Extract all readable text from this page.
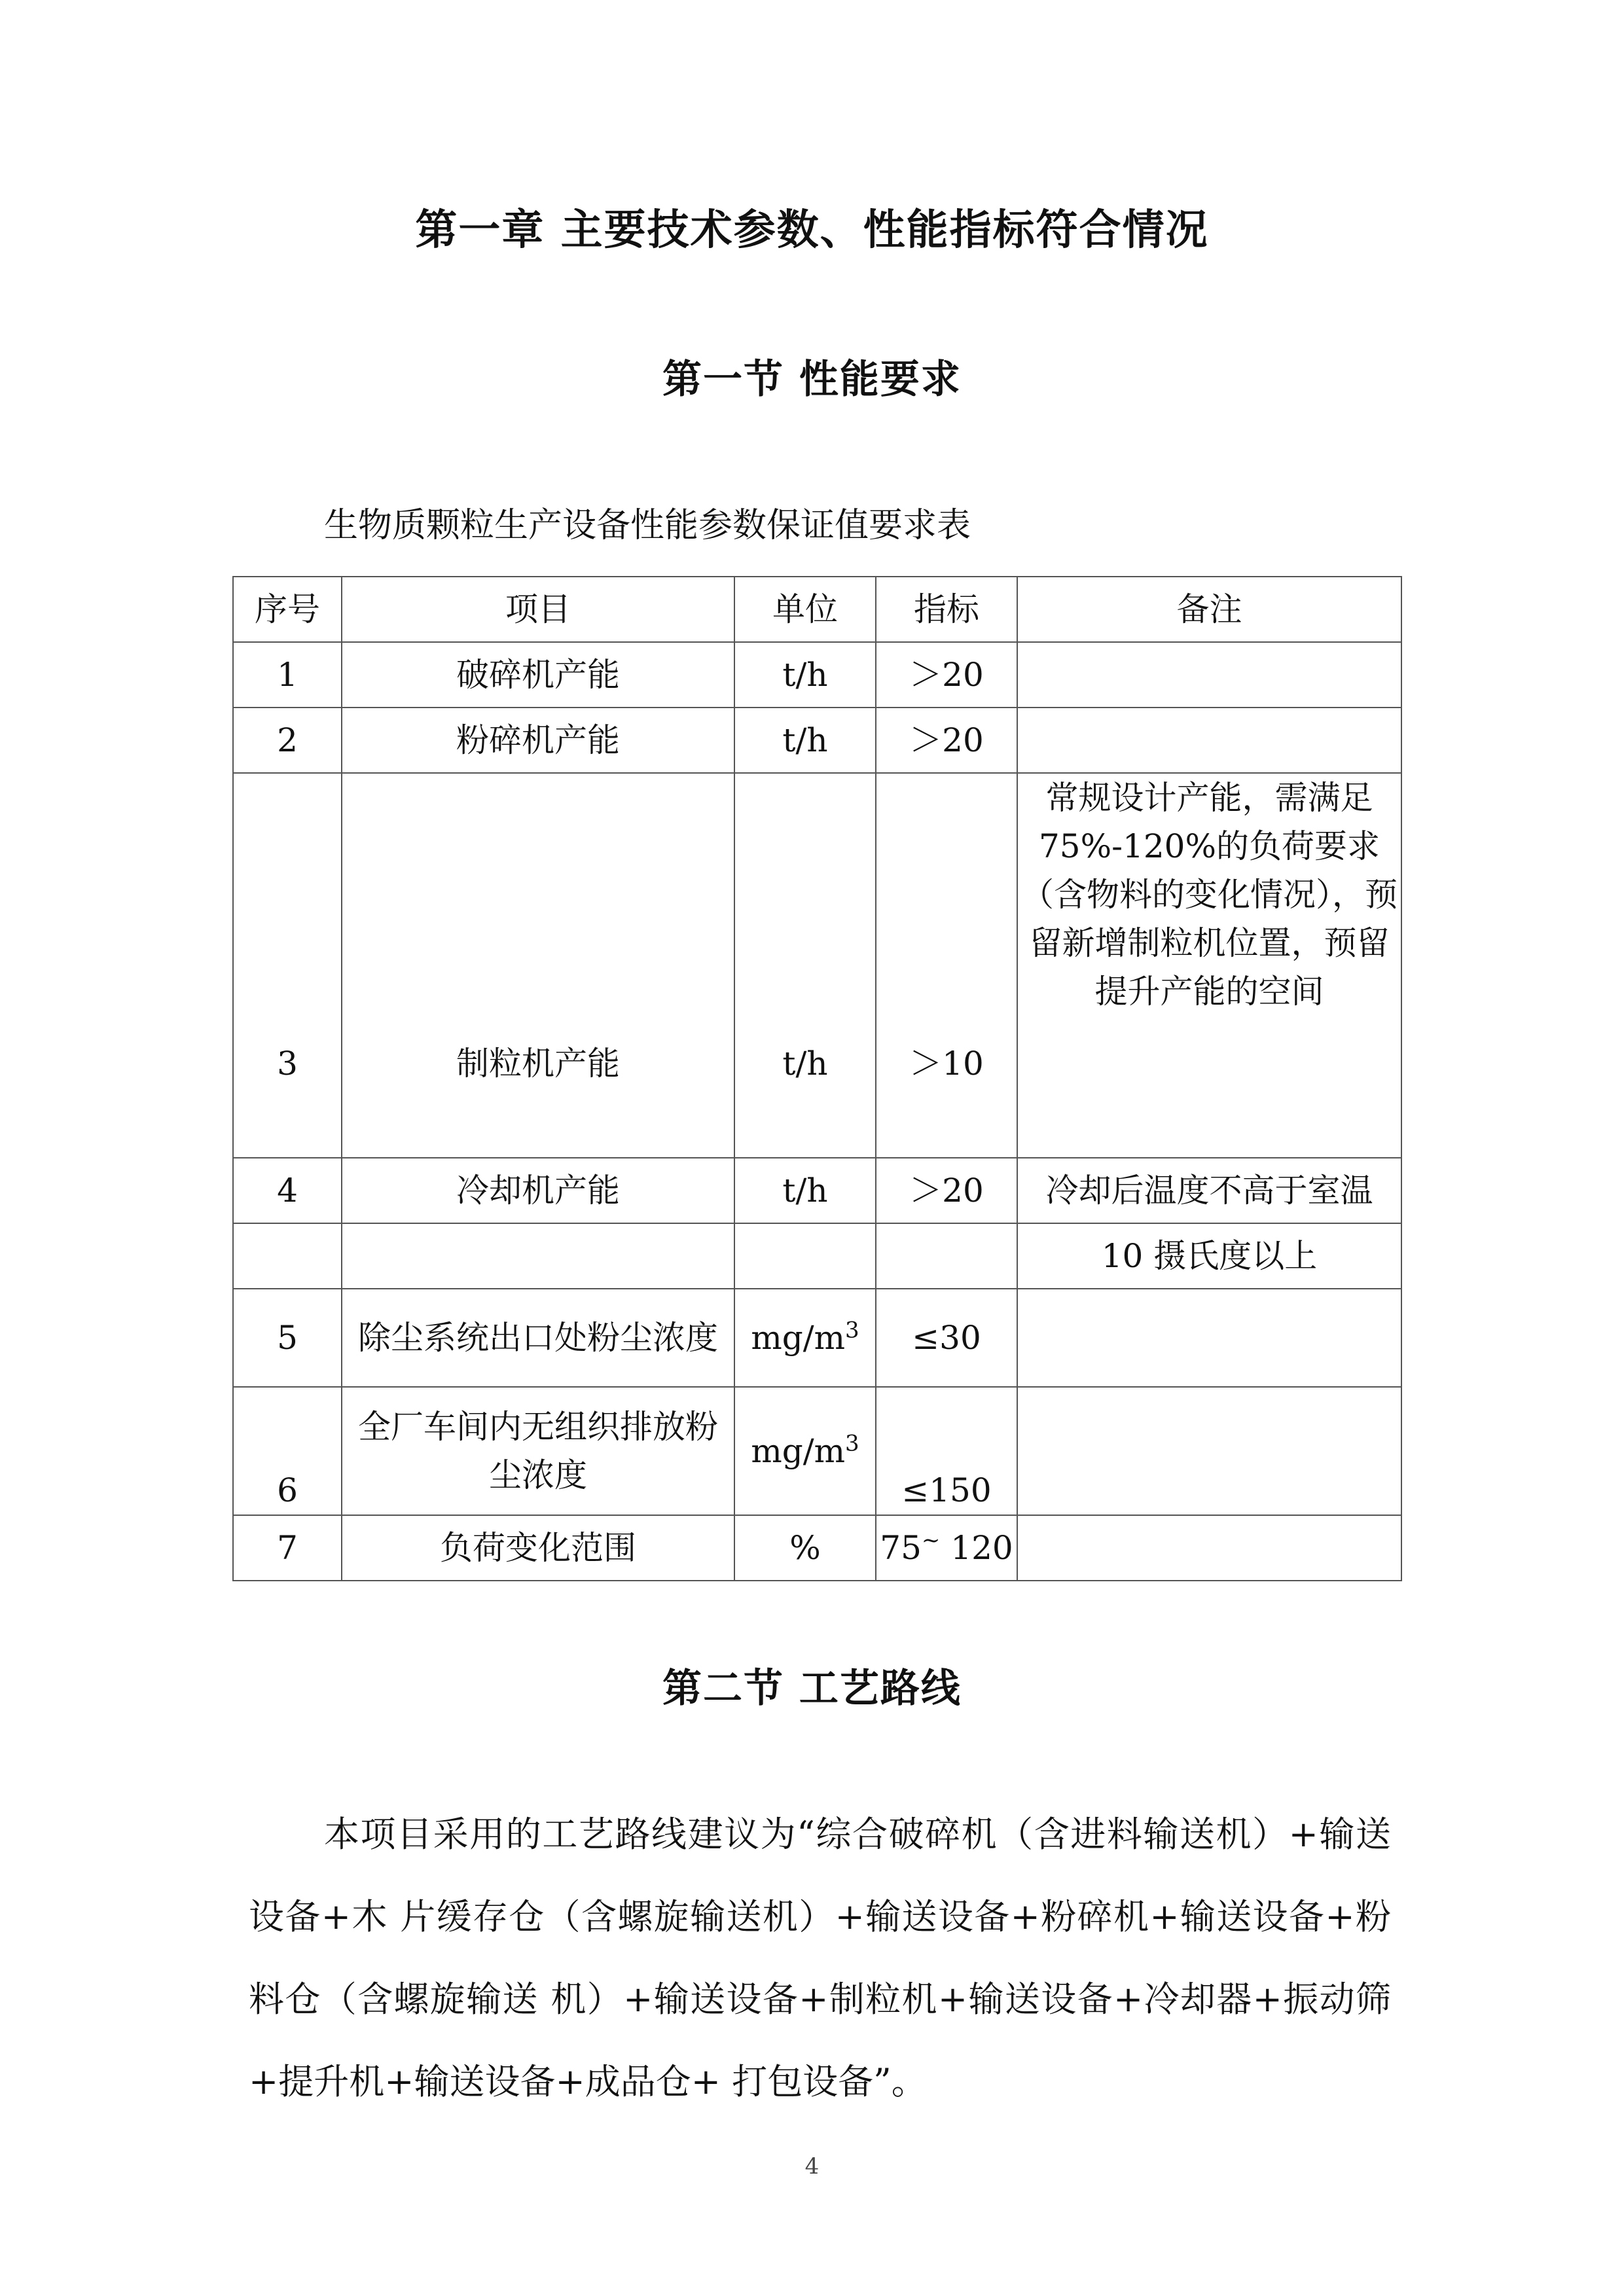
第一章 主要技术参数、性能指标符合情况
第一节 性能要求
生物质颗粒生产设备性能参数保证值要求表
序号	项目	单位	指标	备注
1	破碎机产能	t/h	＞20	
2	粉碎机产能	t/h	＞20	
3	制粒机产能	t/h	＞10	常规设计产能，需满足75%-120%的负荷要求（含物料的变化情况），预留新增制粒机位置，预留提升产能的空间
4	冷却机产能	t/h	＞20	冷却后温度不高于室温
				10 摄氏度以上
5	除尘系统出口处粉尘浓度	$mg/m^3$	≤30	
6	全厂车间内无组织排放粉 尘浓度	$mg/m^3$	≤150	
7	负荷变化范围	%	75~ 120	
第二节 工艺路线
本项目采用的工艺路线建议为“综合破碎机（含进料输送机）+输送设备+木 片缓存仓（含螺旋输送机）+输送设备+粉碎机+输送设备+粉料仓（含螺旋输送 机）+输送设备+制粒机+输送设备+冷却器+振动筛+提升机+输送设备+成品仓+ 打包设备”。
4
